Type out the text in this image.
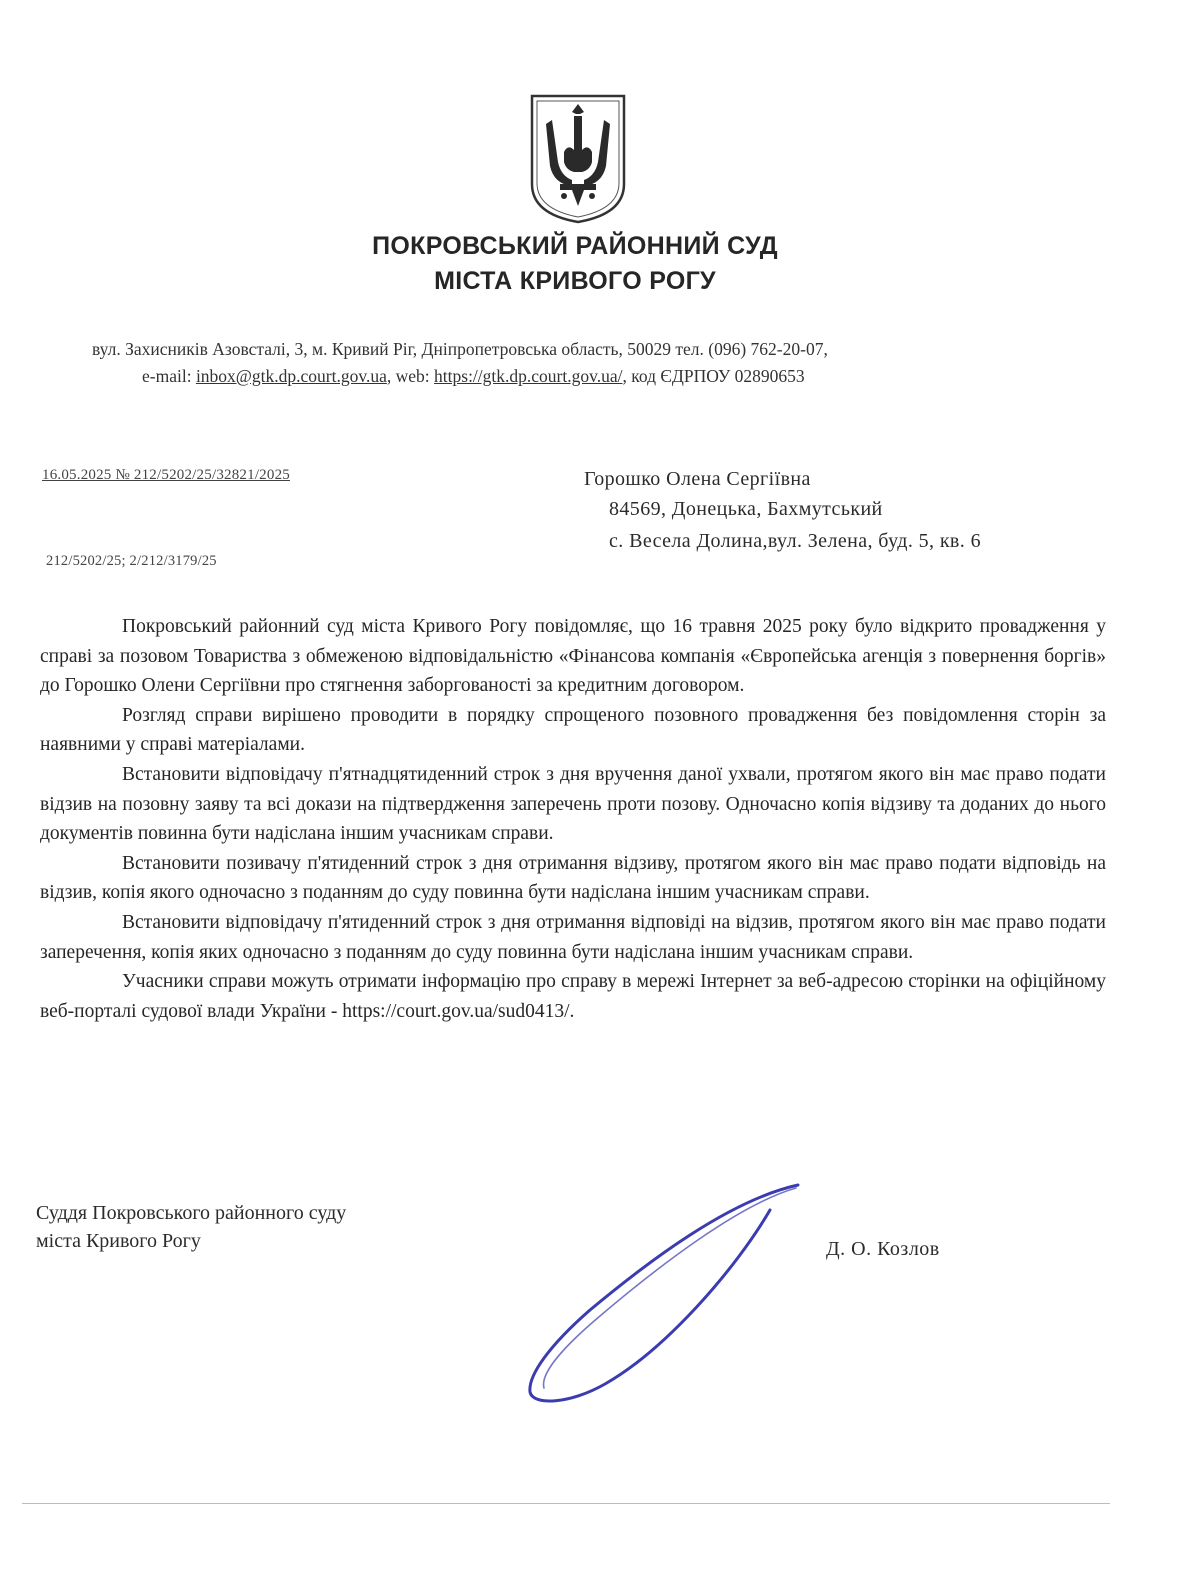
ПОКРОВСЬКИЙ РАЙОННИЙ СУД
МІСТА КРИВОГО РОГУ
вул. Захисників Азовсталі, 3, м. Кривий Ріг, Дніпропетровська область, 50029 тел. (096) 762-20-07,
e-mail: inbox@gtk.dp.court.gov.ua, web: https://gtk.dp.court.gov.ua/, код ЄДРПОУ 02890653
16.05.2025 № 212/5202/25/32821/2025
212/5202/25; 2/212/3179/25
Горошко Олена Сергіївна
84569, Донецька, Бахмутський
с. Весела Долина,вул. Зелена, буд. 5, кв. 6

Покровський районний суд міста Кривого Рогу повідомляє, що 16 травня 2025 року було відкрито провадження у справі за позовом Товариства з обмеженою відповідальністю «Фінансова компанія «Європейська агенція з повернення боргів» до Горошко Олени Сергіївни про стягнення заборгованості за кредитним договором.

Розгляд справи вирішено проводити в порядку спрощеного позовного провадження без повідомлення сторін за наявними у справі матеріалами.

Встановити відповідачу п'ятнадцятиденний строк з дня вручення даної ухвали, протягом якого він має право подати відзив на позовну заяву та всі докази на підтвердження заперечень проти позову. Одночасно копія відзиву та доданих до нього документів повинна бути надіслана іншим учасникам справи.

Встановити позивачу п'ятиденний строк з дня отримання відзиву, протягом якого він має право подати відповідь на відзив, копія якого одночасно з поданням до суду повинна бути надіслана іншим учасникам справи.

Встановити відповідачу п'ятиденний строк з дня отримання відповіді на відзив, протягом якого він має право подати заперечення, копія яких одночасно з поданням до суду повинна бути надіслана іншим учасникам справи.

Учасники справи можуть отримати інформацію про справу в мережі Інтернет за веб-адресою сторінки на офіційному веб-порталі судової влади України - https://court.gov.ua/sud0413/.

Суддя Покровського районного суду
міста Кривого Рогу	Д. О. Козлов
